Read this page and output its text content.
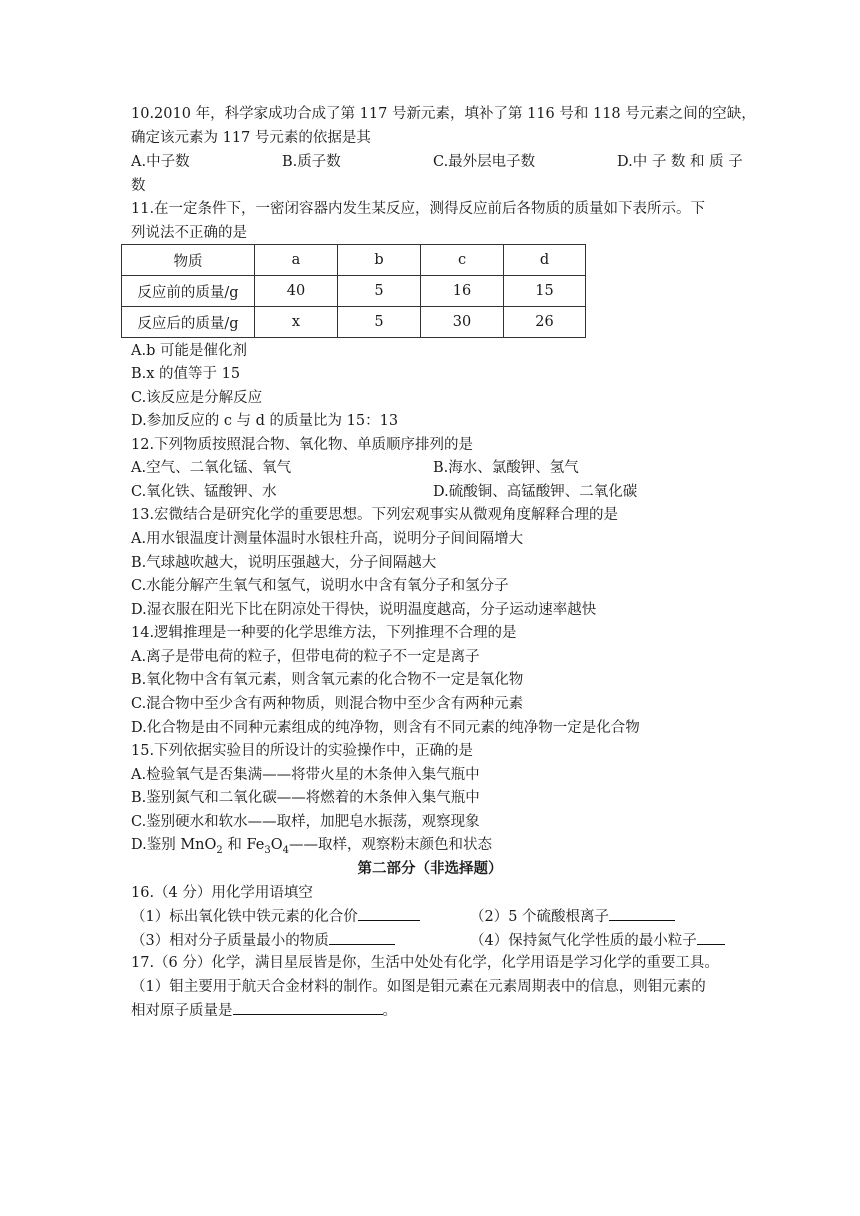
10.2010 年，科学家成功合成了第 117 号新元素，填补了第 116 号和 118 号元素之间的空缺，
确定该元素为 117 号元素的依据是其
A.中子数	B.质子数	C.最外层电子数	D.中 子 数 和 质 子
数
11.在一定条件下，一密闭容器内发生某反应，测得反应前后各物质的质量如下表所示。下
列说法不正确的是
物质	a	b	c	d
反应前的质量/g	40	5	16	15
反应后的质量/g	x	5	30	26
A.b 可能是催化剂
B.x 的值等于 15
C.该反应是分解反应
D.参加反应的 c 与 d 的质量比为 15：13
12.下列物质按照混合物、氧化物、单质顺序排列的是
A.空气、二氧化锰、氧气	B.海水、氯酸钾、氢气
C.氧化铁、锰酸钾、水	D.硫酸铜、高锰酸钾、二氧化碳
13.宏微结合是研究化学的重要思想。下列宏观事实从微观角度解释合理的是
A.用水银温度计测量体温时水银柱升高，说明分子间间隔增大
B.气球越吹越大，说明压强越大，分子间隔越大
C.水能分解产生氧气和氢气，说明水中含有氧分子和氢分子
D.湿衣服在阳光下比在阴凉处干得快，说明温度越高，分子运动速率越快
14.逻辑推理是一种要的化学思维方法，下列推理不合理的是
A.离子是带电荷的粒子，但带电荷的粒子不一定是离子
B.氧化物中含有氧元素，则含氧元素的化合物不一定是氧化物
C.混合物中至少含有两种物质，则混合物中至少含有两种元素
D.化合物是由不同种元素组成的纯净物，则含有不同元素的纯净物一定是化合物
15.下列依据实验目的所设计的实验操作中，正确的是
A.检验氧气是否集满——将带火星的木条伸入集气瓶中
B.鉴别氮气和二氧化碳——将燃着的木条伸入集气瓶中
C.鉴别硬水和软水——取样，加肥皂水振荡，观察现象
D.鉴别 MnO$_2$ 和 $Fe_3O_4——$取样，观察粉末颜色和状态
第二部分（非选择题）
16.（4 分）用化学用语填空
（1）标出氧化铁中铁元素的化合价	（2）5 个硫酸根离子
（3）相对分子质量最小的物质	（4）保持氮气化学性质的最小粒子
17.（6 分）化学，满目星辰皆是你，生活中处处有化学，化学用语是学习化学的重要工具。
（1）钼主要用于航天合金材料的制作。如图是钼元素在元素周期表中的信息，则钼元素的
相对原子质量是	。
